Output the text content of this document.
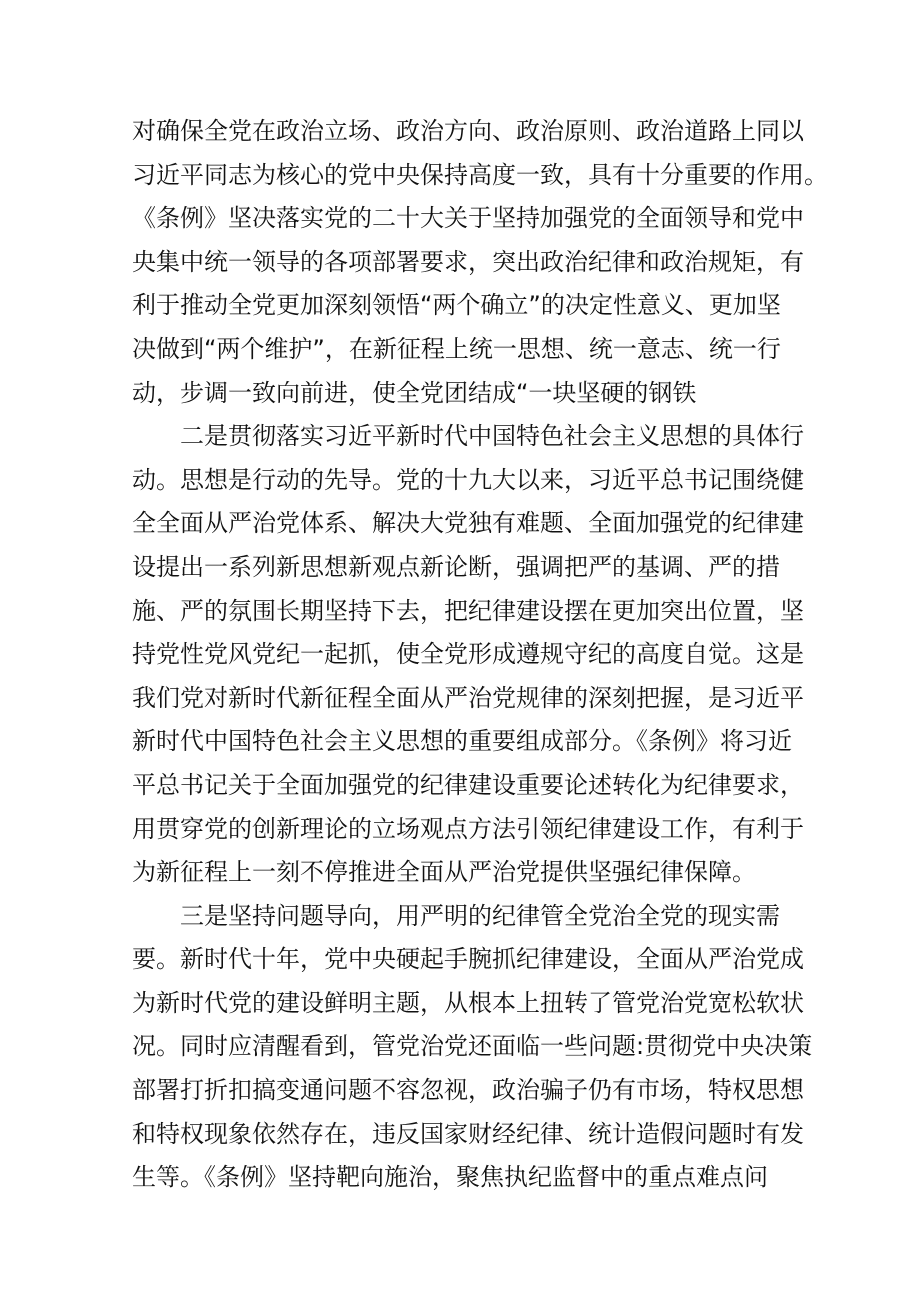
对确保全党在政治立场、政治方向、政治原则、政治道路上同以
习近平同志为核心的党中央保持高度一致，具有十分重要的作用。
《条例》坚决落实党的二十大关于坚持加强党的全面领导和党中
央集中统一领导的各项部署要求，突出政治纪律和政治规矩，有
利于推动全党更加深刻领悟“两个确立”的决定性意义、更加坚
决做到“两个维护”，在新征程上统一思想、统一意志、统一行
动，步调一致向前进，使全党团结成“一块坚硬的钢铁
二是贯彻落实习近平新时代中国特色社会主义思想的具体行
动。思想是行动的先导。党的十九大以来，习近平总书记围绕健
全全面从严治党体系、解决大党独有难题、全面加强党的纪律建
设提出一系列新思想新观点新论断，强调把严的基调、严的措
施、严的氛围长期坚持下去，把纪律建设摆在更加突出位置，坚
持党性党风党纪一起抓，使全党形成遵规守纪的高度自觉。这是
我们党对新时代新征程全面从严治党规律的深刻把握，是习近平
新时代中国特色社会主义思想的重要组成部分。《条例》将习近
平总书记关于全面加强党的纪律建设重要论述转化为纪律要求，
用贯穿党的创新理论的立场观点方法引领纪律建设工作，有利于
为新征程上一刻不停推进全面从严治党提供坚强纪律保障。
三是坚持问题导向，用严明的纪律管全党治全党的现实需
要。新时代十年，党中央硬起手腕抓纪律建设，全面从严治党成
为新时代党的建设鲜明主题，从根本上扭转了管党治党宽松软状
况。同时应清醒看到，管党治党还面临一些问题:贯彻党中央决策
部署打折扣搞变通问题不容忽视，政治骗子仍有市场，特权思想
和特权现象依然存在，违反国家财经纪律、统计造假问题时有发
生等。《条例》坚持靶向施治，聚焦执纪监督中的重点难点问
